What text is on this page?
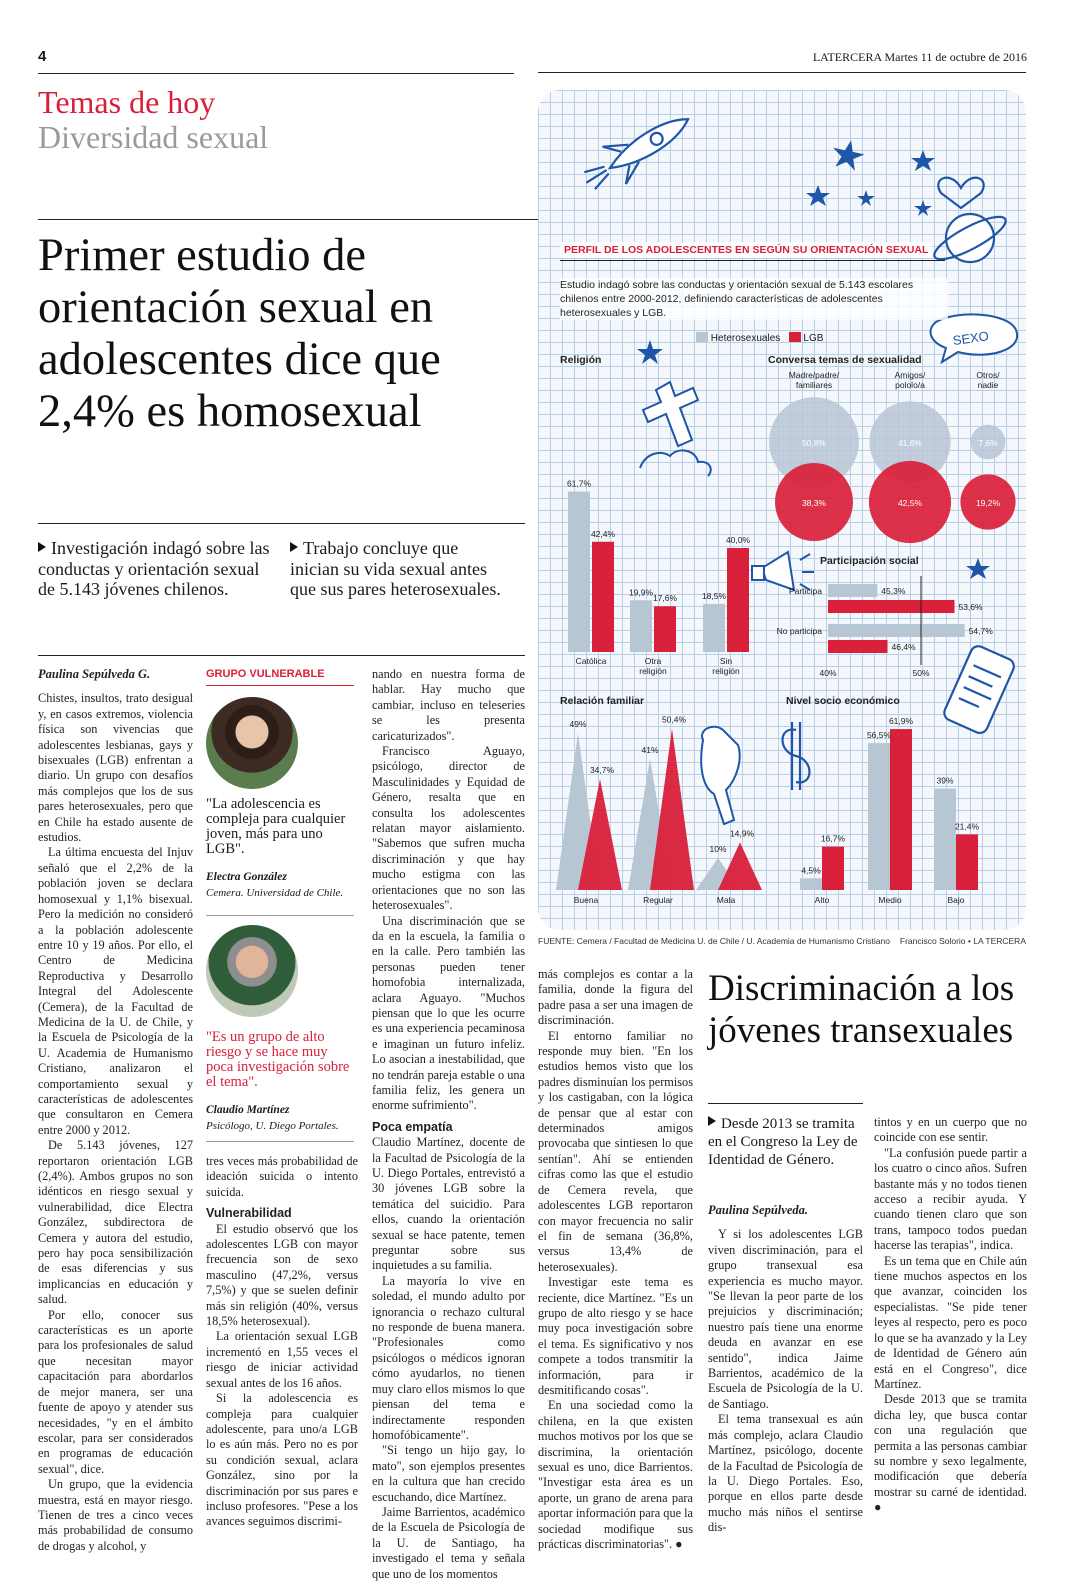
4	LATERCERA Martes 11 de octubre de 2016
Temas de hoy
Diversidad sexual
Primer estudio de orientación sexual en adolescentes dice que 2,4% es homosexual
Investigación indagó sobre las conductas y orientación sexual de 5.143 jóvenes chilenos.
Trabajo concluye que inician su vida sexual antes que sus pares heterosexuales.
Paulina Sepúlveda G.

Chistes, insultos, trato desigual y, en casos extremos, violencia física son vivencias que adolescentes lesbianas, gays y bisexuales (LGB) enfrentan a diario. Un grupo con desafíos más complejos que los de sus pares heterosexuales, pero que en Chile ha estado ausente de estudios.

La última encuesta del Injuv señaló que el 2,2% de la población joven se declara homosexual y 1,1% bisexual. Pero la medición no consideró a la población adolescente entre 10 y 19 años. Por ello, el Centro de Medicina Reproductiva y Desarrollo Integral del Adolescente (Cemera), de la Facultad de Medicina de la U. de Chile, y la Escuela de Psicología de la U. Academia de Humanismo Cristiano, analizaron el comportamiento sexual y características de adolescentes que consultaron en Cemera entre 2000 y 2012.

De 5.143 jóvenes, 127 reportaron orientación LGB (2,4%). Ambos grupos no son idénticos en riesgo sexual y vulnerabilidad, dice Electra González, subdirectora de Cemera y autora del estudio, pero hay poca sensibilización de esas diferencias y sus implicancias en educación y salud.

Por ello, conocer sus características es un aporte para los profesionales de salud que necesitan mayor capacitación para abordarlos de mejor manera, ser una fuente de apoyo y atender sus necesidades, "y en el ámbito escolar, para ser considerados en programas de educación sexual", dice.

Un grupo, que la evidencia muestra, está en mayor riesgo. Tienen de tres a cinco veces más probabilidad de consumo de drogas y alcohol, y

GRUPO VULNERABLE
"La adolescencia es compleja para cualquier joven, más para uno LGB".
Electra González
Cemera. Universidad de Chile.
"Es un grupo de alto riesgo y se hace muy poca investigación sobre el tema".
Claudio Martínez
Psicólogo, U. Diego Portales.

tres veces más probabilidad de ideación suicida o intento suicida.

Vulnerabilidad

El estudio observó que los adolescentes LGB con mayor frecuencia son de sexo masculino (47,2%, versus 7,5%) y que se suelen definir más sin religión (40%, versus 18,5% heterosexual).

La orientación sexual LGB incrementó en 1,55 veces el riesgo de iniciar actividad sexual antes de los 16 años.

Si la adolescencia es compleja para cualquier adolescente, para uno/a LGB lo es aún más. Pero no es por su condición sexual, aclara González, sino por la discriminación por sus pares e incluso profesores. "Pese a los avances seguimos discrimi-

nando en nuestra forma de hablar. Hay mucho que cambiar, incluso en teleseries se les presenta caricaturizados".

Francisco Aguayo, psicólogo, director de Masculinidades y Equidad de Género, resalta que en consulta los adolescentes relatan mayor aislamiento. "Sabemos que sufren mucha discriminación y que hay mucho estigma con las orientaciones que no son las heterosexuales".

Una discriminación que se da en la escuela, la familia o en la calle. Pero también las personas pueden tener homofobia internalizada, aclara Aguayo. "Muchos piensan que lo que les ocurre es una experiencia pecaminosa e imaginan un futuro infeliz. Lo asocian a inestabilidad, que no tendrán pareja estable o una familia feliz, les genera un enorme sufrimiento".

Poca empatía

Claudio Martínez, docente de la Facultad de Psicología de la U. Diego Portales, entrevistó a 30 jóvenes LGB sobre la temática del suicidio. Para ellos, cuando la orientación sexual se hace patente, temen preguntar sobre sus inquietudes a su familia.

La mayoría lo vive en soledad, el mundo adulto por ignorancia o rechazo cultural no responde de buena manera. "Profesionales como psicólogos o médicos ignoran cómo ayudarlos, no tienen muy claro ellos mismos lo que piensan del tema e indirectamente responden homofóbicamente".

"Si tengo un hijo gay, lo mato", son ejemplos presentes en la cultura que han crecido escuchando, dice Martínez.

Jaime Barrientos, académico de la Escuela de Psicología de la U. de Santiago, ha investigado el tema y señala que uno de los momentos

más complejos es contar a la familia, donde la figura del padre pasa a ser una imagen de discriminación.

El entorno familiar no responde muy bien. "En los estudios hemos visto que los padres disminuían los permisos y los castigaban, con la lógica de pensar que al estar con determinados amigos provocaba que sintiesen lo que sentían". Ahí se entienden cifras como las que el estudio de Cemera revela, que adolescentes LGB reportaron con mayor frecuencia no salir el fin de semana (36,8%, versus 13,4% de heterosexuales).

Investigar este tema es reciente, dice Martínez. "Es un grupo de alto riesgo y se hace muy poca investigación sobre el tema. Es significativo y nos compete a todos transmitir la información, para ir desmitificando cosas".

En una sociedad como la chilena, en la que existen muchos motivos por los que se discrimina, la orientación sexual es uno, dice Barrientos. "Investigar esta área es un aporte, un grano de arena para aportar información para que la sociedad modifique sus prácticas discriminatorias". ●

Discriminación a los jóvenes transexuales
Desde 2013 se tramita en el Congreso la Ley de Identidad de Género.
Paulina Sepúlveda.

Y si los adolescentes LGB viven discriminación, para el grupo transexual esa experiencia es mucho mayor. "Se llevan la peor parte de los prejuicios y discriminación; nuestro país tiene una enorme deuda en avanzar en ese sentido", indica Jaime Barrientos, académico de la Escuela de Psicología de la U. de Santiago.

El tema transexual es aún más complejo, aclara Claudio Martínez, psicólogo, docente de la Facultad de Psicología de la U. Diego Portales. Eso, porque en ellos parte desde mucho más niños el sentirse dis-

tintos y en un cuerpo que no coincide con ese sentir.

"La confusión puede partir a los cuatro o cinco años. Sufren bastante más y no todos tienen acceso a recibir ayuda. Y cuando tienen claro que son trans, tampoco todos puedan hacerse las terapias", indica.

Es un tema que en Chile aún tiene muchos aspectos en los que avanzar, coinciden los especialistas. "Se pide tener leyes al respecto, pero es poco lo que se ha avanzado y la Ley de Identidad de Género aún está en el Congreso", dice Martínez.

Desde 2013 que se tramita dicha ley, que busca contar con una regulación que permita a las personas cambiar su nombre y sexo legalmente, modificación que debería mostrar su carné de identidad. ●

SEXO
PERFIL DE LOS ADOLESCENTES EN SEGÚN SU ORIENTACIÓN SEXUAL
Estudio indagó sobre las conductas y orientación sexual de 5.143 escolares chilenos entre 2000-2012, definiendo características de adolescentes heterosexuales y LGB.
Heterosexuales LGB
Religión
61,7%
42,4%
Católica
19,9%
17,6%
Otra
religión
18,5%
40,0%
Sin
religión
Conversa temas de sexualidad
Madre/padre/
familiares
50,8%
38,3%
Amigos/
pololo/a
41,6%
42,5%
Otros/
nadie
7,6%
19,2%
Participación social
Participa	45,3%
53,6%
No participa	54,7%
46,4%
40%	50%
Relación familiar
49%
34,7%
Buena
41%
50,4%
Regular
10%
14,9%
Mala
Nivel socio económico
4,5%
16,7%
Alto
56,5%
61,9%
Medio
39%
21,4%
Bajo
FUENTE: Cemera / Facultad de Medicina U. de Chile / U. Academia de Humanismo Cristiano	Francisco Solorio • LA TERCERA
